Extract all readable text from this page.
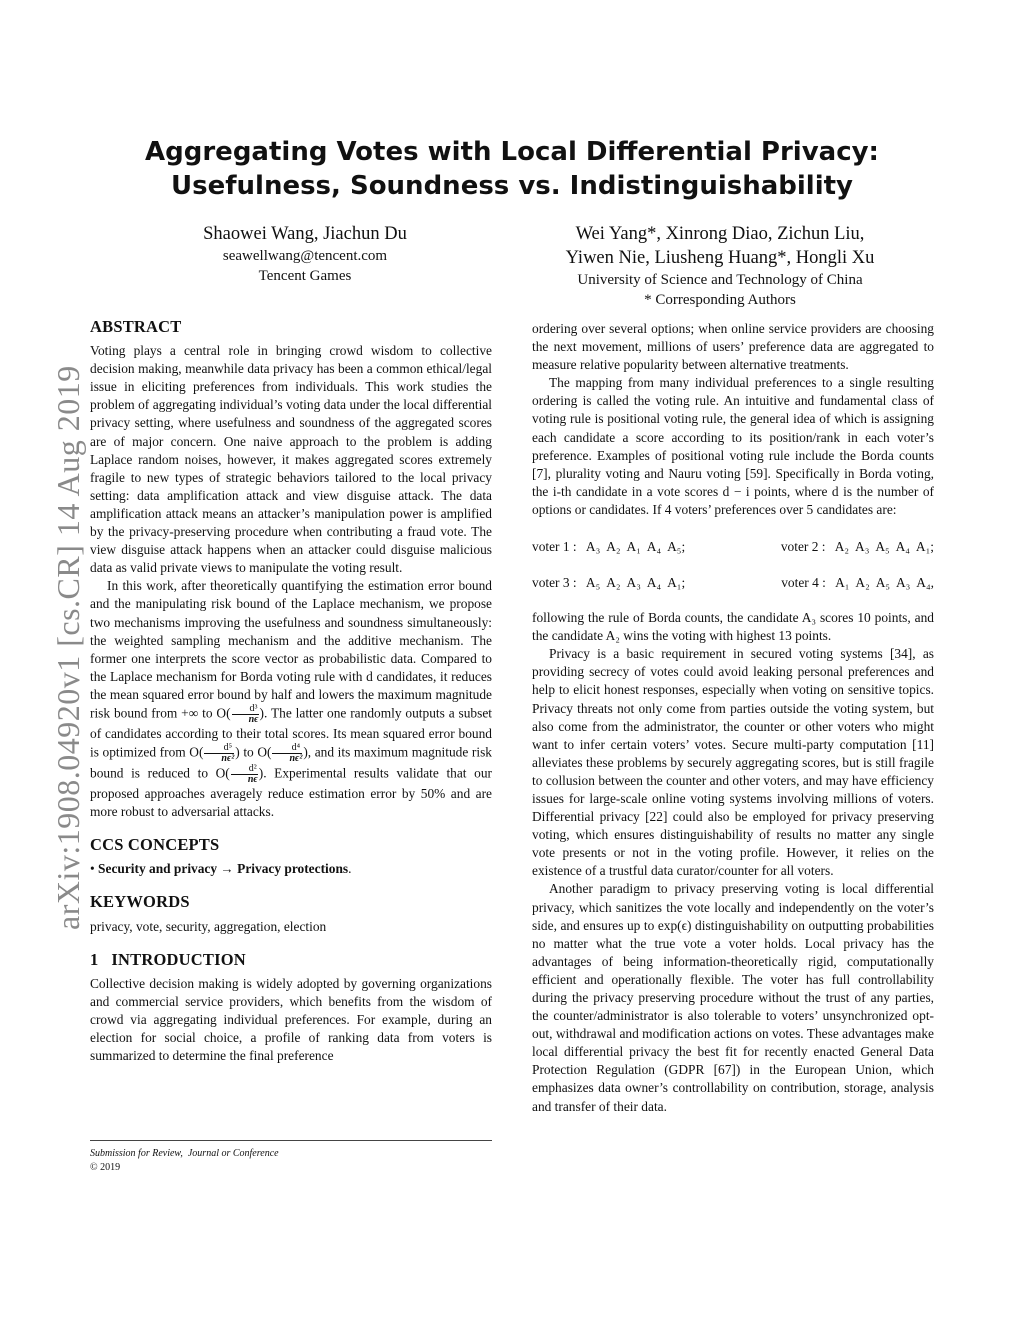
arXiv:1908.04920v1 [cs.CR] 14 Aug 2019
Aggregating Votes with Local Differential Privacy:
Usefulness, Soundness vs. Indistinguishability
Shaowei Wang, Jiachun Du
seawellwang@tencent.com
Tencent Games
Wei Yang*, Xinrong Diao, Zichun Liu,
Yiwen Nie, Liusheng Huang*, Hongli Xu
University of Science and Technology of China
* Corresponding Authors
ABSTRACT

Voting plays a central role in bringing crowd wisdom to collective decision making, meanwhile data privacy has been a common ethical/legal issue in eliciting preferences from individuals. This work studies the problem of aggregating individual’s voting data under the local differential privacy setting, where usefulness and soundness of the aggregated scores are of major concern. One naive approach to the problem is adding Laplace random noises, however, it makes aggregated scores extremely fragile to new types of strategic behaviors tailored to the local privacy setting: data amplification attack and view disguise attack. The data amplification attack means an attacker’s manipulation power is amplified by the privacy-preserving procedure when contributing a fraud vote. The view disguise attack happens when an attacker could disguise malicious data as valid private views to manipulate the voting result.

In this work, after theoretically quantifying the estimation error bound and the manipulating risk bound of the Laplace mechanism, we propose two mechanisms improving the usefulness and soundness simultaneously: the weighted sampling mechanism and the additive mechanism. The former one interprets the score vector as probabilistic data. Compared to the Laplace mechanism for Borda voting rule with d candidates, it reduces the mean squared error bound by half and lowers the maximum magnitude risk bound from +∞ to $O( \frac{\text{d³}}{n\epsilon}$ ). The latter one randomly outputs a subset of candidates according to their total scores. Its mean squared error bound is optimized from $O( \frac{\text{d⁵}}{\text{nϵ²}}$ ) to $O( \frac{\text{d⁴}}{\text{nϵ²}}$ ), and its maximum magnitude risk bound is reduced to $O( \frac{\text{d²}}{n\epsilon}$ ). Experimental results validate that our proposed approaches averagely reduce estimation error by 50% and are more robust to adversarial attacks.

CCS CONCEPTS

• Security and privacy → Privacy protections.

KEYWORDS

privacy, vote, security, aggregation, election

1   INTRODUCTION

Collective decision making is widely adopted by governing organizations and commercial service providers, which benefits from the wisdom of crowd via aggregating individual preferences. For example, during an election for social choice, a profile of ranking data from voters is summarized to determine the final preference

Submission for Review,  Journal or Conference
© 2019

ordering over several options; when online service providers are choosing the next movement, millions of users’ preference data are aggregated to measure relative popularity between alternative treatments.

The mapping from many individual preferences to a single resulting ordering is called the voting rule. An intuitive and fundamental class of voting rule is positional voting rule, the general idea of which is assigning each candidate a score according to its position/rank in each voter’s preference. Examples of positional voting rule include the Borda counts [7], plurality voting and Nauru voting [59]. Specifically in Borda voting, the i-th candidate in a vote scores d − i points, where d is the number of options or candidates. If 4 voters’ preferences over 5 candidates are:

voter 1 :   A₃  A₂  A₁  A₄  A₅;	voter 2 :   A₂  A₃  A₅  A₄  A₁;
voter 3 :   A₅  A₂  A₃  A₄  A₁;	voter 4 :   A₁  A₂  A₅  A₃  A₄,

following the rule of Borda counts, the candidate A₃ scores 10 points, and the candidate A₂ wins the voting with highest 13 points.

Privacy is a basic requirement in secured voting systems [34], as providing secrecy of votes could avoid leaking personal preferences and help to elicit honest responses, especially when voting on sensitive topics. Privacy threats not only come from parties outside the voting system, but also come from the administrator, the counter or other voters who might want to infer certain voters’ votes. Secure multi-party computation [11] alleviates these problems by securely aggregating scores, but is still fragile to collusion between the counter and other voters, and may have efficiency issues for large-scale online voting systems involving millions of voters. Differential privacy [22] could also be employed for privacy preserving voting, which ensures distinguishability of results no matter any single vote presents or not in the voting profile. However, it relies on the existence of a trustful data curator/counter for all voters.

Another paradigm to privacy preserving voting is local differential privacy, which sanitizes the vote locally and independently on the voter’s side, and ensures up to exp(ϵ) distinguishability on outputting probabilities no matter what the true vote a voter holds. Local privacy has the advantages of being information-theoretically rigid, computationally efficient and operationally flexible. The voter has full controllability during the privacy preserving procedure without the trust of any parties, the counter/administrator is also tolerable to voters’ unsynchronized opt-out, withdrawal and modification actions on votes. These advantages make local differential privacy the best fit for recently enacted General Data Protection Regulation (GDPR [67]) in the European Union, which emphasizes data owner’s controllability on contribution, storage, analysis and transfer of their data.
